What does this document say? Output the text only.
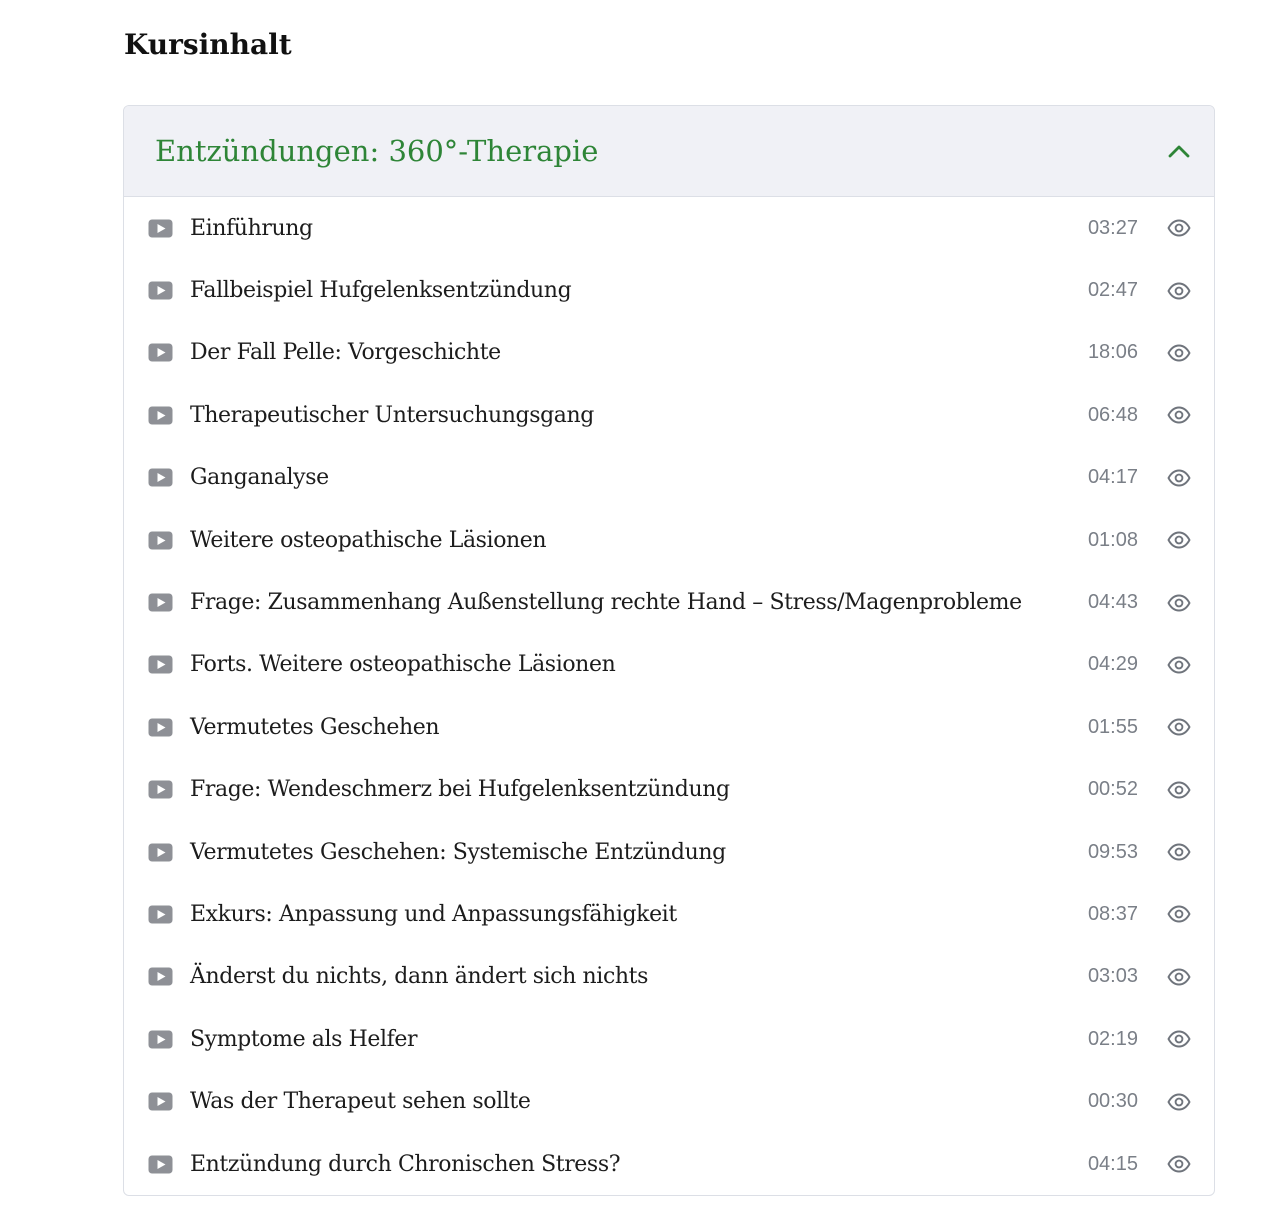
Kursinhalt
Entzündungen: 360°-Therapie
Einführung	03:27
Fallbeispiel Hufgelenksentzündung	02:47
Der Fall Pelle: Vorgeschichte	18:06
Therapeutischer Untersuchungsgang	06:48
Ganganalyse	04:17
Weitere osteopathische Läsionen	01:08
Frage: Zusammenhang Außenstellung rechte Hand – Stress/Magenprobleme	04:43
Forts. Weitere osteopathische Läsionen	04:29
Vermutetes Geschehen	01:55
Frage: Wendeschmerz bei Hufgelenksentzündung	00:52
Vermutetes Geschehen: Systemische Entzündung	09:53
Exkurs: Anpassung und Anpassungsfähigkeit	08:37
Änderst du nichts, dann ändert sich nichts	03:03
Symptome als Helfer	02:19
Was der Therapeut sehen sollte	00:30
Entzündung durch Chronischen Stress?	04:15
